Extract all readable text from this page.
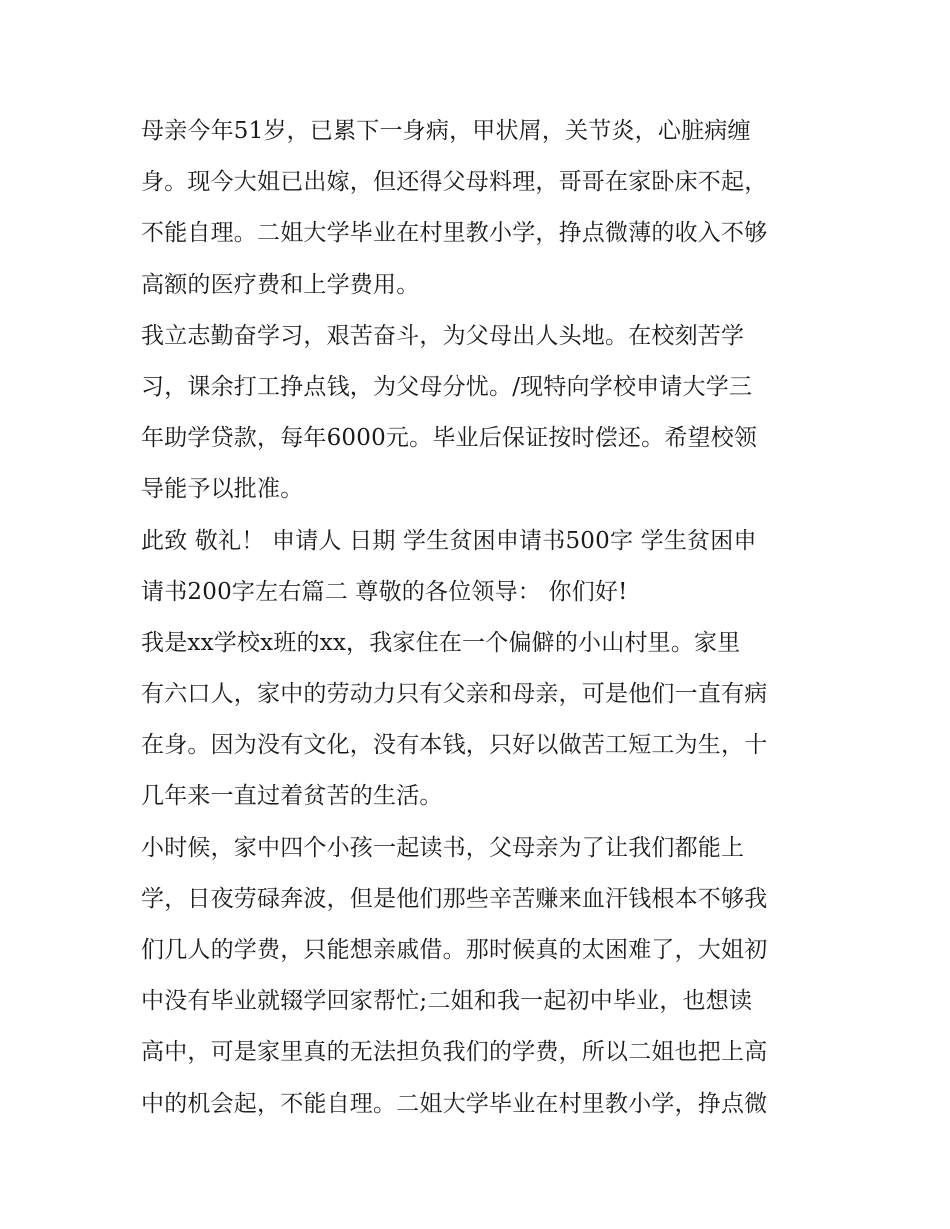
母亲今年51岁，已累下一身病，甲状屑，关节炎，心脏病缠
身。现今大姐已出嫁，但还得父母料理，哥哥在家卧床不起，
不能自理。二姐大学毕业在村里教小学，挣点微薄的收入不够
高额的医疗费和上学费用。
我立志勤奋学习，艰苦奋斗，为父母出人头地。在校刻苦学
习，课余打工挣点钱，为父母分忧。/现特向学校申请大学三
年助学贷款，每年6000元。毕业后保证按时偿还。希望校领
导能予以批准。
此致 敬礼！ 申请人 日期 学生贫困申请书500字 学生贫困申
请书200字左右篇二 尊敬的各位领导： 你们好!
我是xx学校x班的xx，我家住在一个偏僻的小山村里。家里
有六口人，家中的劳动力只有父亲和母亲，可是他们一直有病
在身。因为没有文化，没有本钱，只好以做苦工短工为生，十
几年来一直过着贫苦的生活。
小时候，家中四个小孩一起读书，父母亲为了让我们都能上
学，日夜劳碌奔波，但是他们那些辛苦赚来血汗钱根本不够我
们几人的学费，只能想亲戚借。那时候真的太困难了，大姐初
中没有毕业就辍学回家帮忙;二姐和我一起初中毕业，也想读
高中，可是家里真的无法担负我们的学费，所以二姐也把上高
中的机会起，不能自理。二姐大学毕业在村里教小学，挣点微
